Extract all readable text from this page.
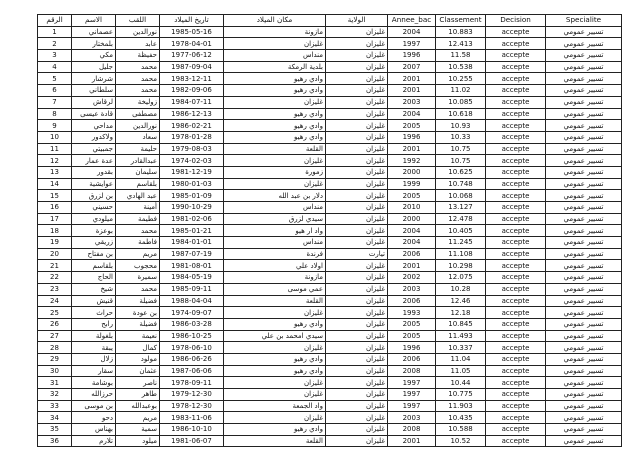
الرقم	الاسم	اللقب	تاريخ الميلاد	مكان الميلاد	الولاية	Annee_bac	Classement	Decision	Specialite
1	عصماني	نورالدين	1985-05-16	مازونة	غليزان	2004	10.883	accepte	تسيير عمومي
2	بلمختار	عابد	1978-04-01	غليزان	غليزان	1997	12.413	accepte	تسيير عمومي
3	مكي	حفيظة	1977-06-12	منداس	غليزان	1996	11.58	accepte	تسيير عمومي
4	جليل	محمد	1987-09-04	بلدية الرمكة	غليزان	2007	10.538	accepte	تسيير عمومي
5	شرشار	محمد	1983-12-11	وادي رهيو	غليزان	2001	10.255	accepte	تسيير عمومي
6	سلطاني	محمد	1982-09-06	وادي رهيو	غليزان	2001	11.02	accepte	تسيير عمومي
7	لرقاش	زوليخة	1984-07-11	غليزان	غليزان	2003	10.085	accepte	تسيير عمومي
8	قادة عيسى	مصطفى	1986-12-13	وادي رهيو	غليزان	2004	10.618	accepte	تسيير عمومي
9	مداحي	نورالدين	1986-02-21	وادي رهيو	غليزان	2005	10.93	accepte	تسيير عمومي
10	ولاكدور	سعاد	1978-01-28	وادي رهيو	غليزان	1996	10.33	accepte	تسيير عمومي
11	جمبيتي	حليمة	1979-08-03	القلعة	غليزان	2001	10.75	accepte	تسيير عمومي
12	عدة عمار	عبدالقادر	1974-02-03	غليزان	غليزان	1992	10.75	accepte	تسيير عمومي
13	بقدور	سليمان	1981-12-19	زمورة	غليزان	2000	10.625	accepte	تسيير عمومي
14	عوايشية	بلقاسم	1980-01-03	غليزان	غليزان	1999	10.748	accepte	تسيير عمومي
15	بن لزرق	عبد الهادي	1985-01-09	دلار بن عبد الله	غليزان	2005	10.068	accepte	تسيير عمومي
16	حسيني	أمينة	1990-10-29	منداس	غليزان	2010	13.127	accepte	تسيير عمومي
17	ميلودي	فطيمة	1981-02-06	سيدي لزرق	غليزان	2000	12.478	accepte	تسيير عمومي
18	بوعزة	محمد	1985-01-21	واد ار هيو	غليزان	2004	10.405	accepte	تسيير عمومي
19	زريقي	فاطمة	1984-01-01	منداس	غليزان	2004	11.245	accepte	تسيير عمومي
20	بن مفتاح	مريم	1987-07-19	فرندة	تيارت	2006	11.108	accepte	تسيير عمومي
21	بلقاسم	محجوب	1981-08-01	اولاد علي	غليزان	2001	10.298	accepte	تسيير عمومي
22	الحاج	سميرة	1984-05-19	مازونة	غليزان	2002	12.075	accepte	تسيير عمومي
23	شيخ	محمد	1985-09-11	عمي موسى	غليزان	2003	10.28	accepte	تسيير عمومي
24	قنيش	فضيلة	1988-04-04	القلعة	غليزان	2006	12.46	accepte	تسيير عمومي
25	حراث	بن عودة	1974-09-07	غليزان	غليزان	1993	12.18	accepte	تسيير عمومي
26	رابح	فضيلة	1986-03-28	وادي رهيو	غليزان	2005	10.845	accepte	تسيير عمومي
27	بلغولة	نعيمة	1986-10-25	سيدي امحمد بن علي	غليزان	2005	11.493	accepte	تسيير عمومي
28	يبقة	كمال	1978-06-10	غليزان	غليزان	1996	10.337	accepte	تسيير عمومي
29	زلال	مولود	1986-06-26	وادي رهيو	غليزان	2006	11.04	accepte	تسيير عمومي
30	سقار	عثمان	1987-06-06	وادي رهيو	غليزان	2008	11.05	accepte	تسيير عمومي
31	بوشامة	ناصر	1978-09-11	غليزان	غليزان	1997	10.44	accepte	تسيير عمومي
32	حرزالله	طاهر	1979-12-30	غليزان	غليزان	1997	10.775	accepte	تسيير عمومي
33	بن موسى	بوعبدالله	1978-12-30	واد الجمعة	غليزان	1997	11.903	accepte	تسيير عمومي
34	دحو	مريم	1983-11-06	غليزان	غليزان	2003	10.435	accepte	تسيير عمومي
35	بهناس	سمية	1986-10-10	وادي رهيو	غليزان	2008	10.588	accepte	تسيير عمومي
36	تلارم	ميلود	1981-06-07	القلعة	غليزان	2001	10.52	accepte	تسيير عمومي
